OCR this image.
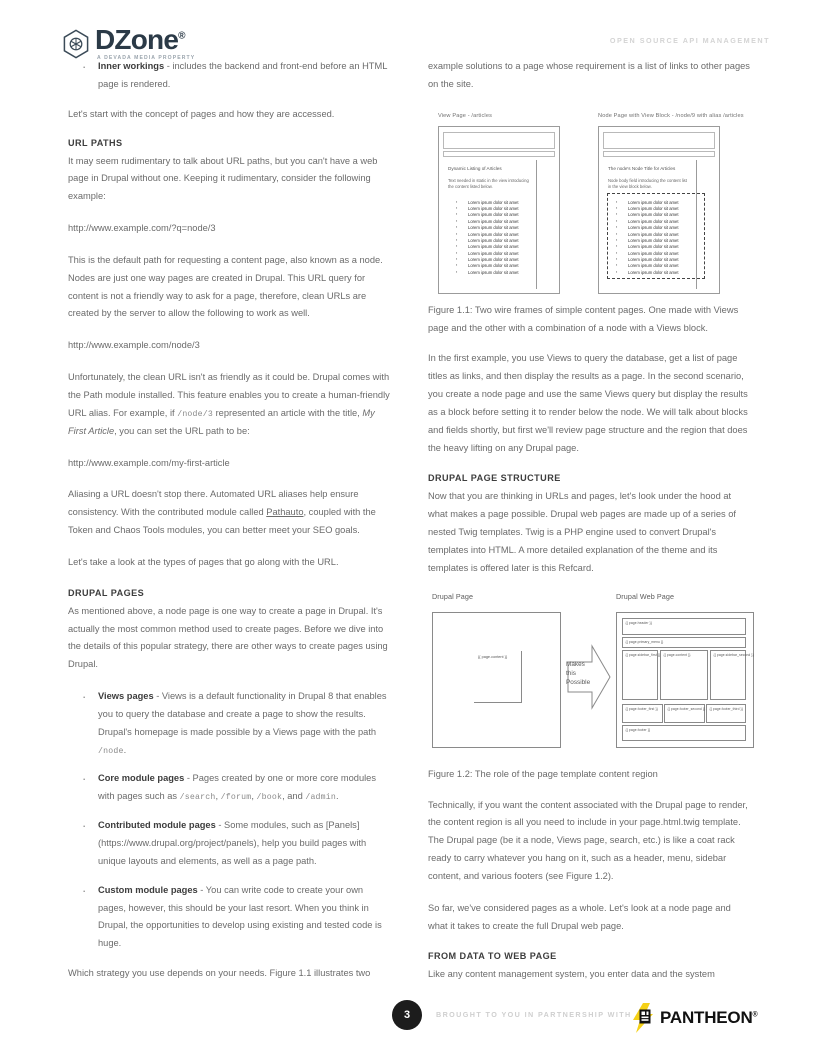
DZone®
A DEVADA MEDIA PROPERTY
OPEN SOURCE API MANAGEMENT
· Inner workings - includes the backend and front-end before an HTML page is rendered.

Let's start with the concept of pages and how they are accessed.

URL PATHS

It may seem rudimentary to talk about URL paths, but you can't have a web page in Drupal without one. Keeping it rudimentary, consider the following example:

http://www.example.com/?q=node/3

This is the default path for requesting a content page, also known as a node. Nodes are just one way pages are created in Drupal. This URL query for content is not a friendly way to ask for a page, therefore, clean URLs are created by the server to allow the following to work as well.

http://www.example.com/node/3

Unfortunately, the clean URL isn't as friendly as it could be. Drupal comes with the Path module installed. This feature enables you to create a human-friendly URL alias. For example, if /node/3 represented an article with the title, My First Article, you can set the URL path to be:

http://www.example.com/my-first-article

Aliasing a URL doesn't stop there. Automated URL aliases help ensure consistency. With the contributed module called Pathauto, coupled with the Token and Chaos Tools modules, you can better meet your SEO goals.

Let's take a look at the types of pages that go along with the URL.

DRUPAL PAGES

As mentioned above, a node page is one way to create a page in Drupal. It's actually the most common method used to create pages. Before we dive into the details of this popular strategy, there are other ways to create pages using Drupal.

· Views pages - Views is a default functionality in Drupal 8 that enables you to query the database and create a page to show the results. Drupal's homepage is made possible by a Views page with the path /node.
· Core module pages - Pages created by one or more core modules with pages such as /search, /forum, /book, and /admin.
· Contributed module pages - Some modules, such as [Panels] (https://www.drupal.org/project/panels), help you build pages with unique layouts and elements, as well as a page path.
· Custom module pages - You can write code to create your own pages, however, this should be your last resort. When you think in Drupal, the opportunities to develop using existing and tested code is huge.

Which strategy you use depends on your needs. Figure 1.1 illustrates two

example solutions to a page whose requirement is a list of links to other pages on the site.

View Page - /articles
Dynamic Listing of Articles
Text needed in static in the view introducing the content listed below.
▪ Lorem ipsum dolor sit amet
▪ Lorem ipsum dolor sit amet
▪ Lorem ipsum dolor sit amet
▪ Lorem ipsum dolor sit amet
▪ Lorem ipsum dolor sit amet
▪ Lorem ipsum dolor sit amet
▪ Lorem ipsum dolor sit amet
▪ Lorem ipsum dolor sit amet
▪ Lorem ipsum dolor sit amet
▪ Lorem ipsum dolor sit amet
▪ Lorem ipsum dolor sit amet
▪ Lorem ipsum dolor sit amet
Node Page with View Block - /node/9 with alias /articles
The node's Node Title for Articles
Node body field introducing the content list in the view block below.
▪ Lorem ipsum dolor sit amet
▪ Lorem ipsum dolor sit amet
▪ Lorem ipsum dolor sit amet
▪ Lorem ipsum dolor sit amet
▪ Lorem ipsum dolor sit amet
▪ Lorem ipsum dolor sit amet
▪ Lorem ipsum dolor sit amet
▪ Lorem ipsum dolor sit amet
▪ Lorem ipsum dolor sit amet
▪ Lorem ipsum dolor sit amet
▪ Lorem ipsum dolor sit amet
▪ Lorem ipsum dolor sit amet

Figure 1.1: Two wire frames of simple content pages. One made with Views page and the other with a combination of a node with a Views block.

In the first example, you use Views to query the database, get a list of page titles as links, and then display the results as a page. In the second scenario, you create a node page and use the same Views query but display the results as a block before setting it to render below the node. We will talk about blocks and fields shortly, but first we'll review page structure and the region that does the heavy lifting on any Drupal page.

DRUPAL PAGE STRUCTURE

Now that you are thinking in URLs and pages, let's look under the hood at what makes a page possible. Drupal web pages are made up of a series of nested Twig templates. Twig is a PHP engine used to convert Drupal's templates into HTML. A more detailed explanation of the theme and its templates is offered later is this Refcard.

Drupal Page	Drupal Web Page
{{ page.content }}
Makes this Possible
{{ page.header }}
{{ page.primary_menu }}
{{ page.sidebar_first }} {{ page.content }}	{{ page.sidebar_second }}
{{ page.footer_first }}	{{ page.footer_second }}	{{ page.footer_third }}
{{ page.footer }}

Figure 1.2: The role of the page template content region

Technically, if you want the content associated with the Drupal page to render, the content region is all you need to include in your page.html.twig template. The Drupal page (be it a node, Views page, search, etc.) is like a coat rack ready to carry whatever you hang on it, such as a header, menu, sidebar content, and various footers (see Figure 1.2).

So far, we've considered pages as a whole. Let's look at a node page and what it takes to create the full Drupal web page.

FROM DATA TO WEB PAGE

Like any content management system, you enter data and the system

3	BROUGHT TO YOU IN PARTNERSHIP WITH PANTHEON®
